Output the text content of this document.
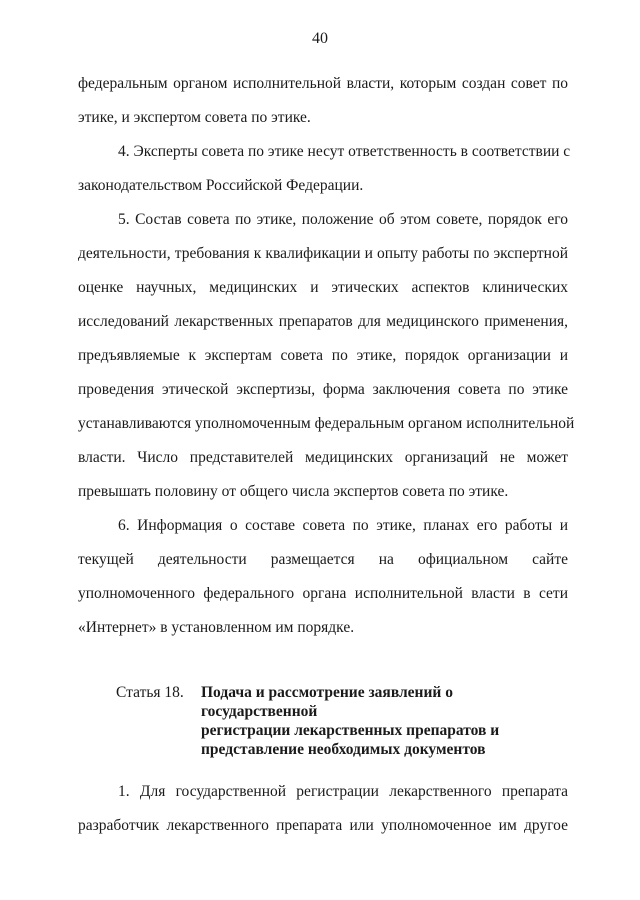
40
федеральным органом исполнительной власти, которым создан совет по
этике, и экспертом совета по этике.
4. Эксперты совета по этике несут ответственность в соответствии с
законодательством Российской Федерации.
5. Состав совета по этике, положение об этом совете, порядок его
деятельности, требования к квалификации и опыту работы по экспертной
оценке научных, медицинских и этических аспектов клинических
исследований лекарственных препаратов для медицинского применения,
предъявляемые к экспертам совета по этике, порядок организации и
проведения этической экспертизы, форма заключения совета по этике
устанавливаются уполномоченным федеральным органом исполнительной
власти. Число представителей медицинских организаций не может
превышать половину от общего числа экспертов совета по этике.
6. Информация о составе совета по этике, планах его работы и
текущей деятельности размещается на официальном сайте
уполномоченного федерального органа исполнительной власти в сети
«Интернет» в установленном им порядке.
Статья 18.	Подача и рассмотрение заявлений о государственной
регистрации лекарственных препаратов и
представление необходимых документов
1. Для государственной регистрации лекарственного препарата
разработчик лекарственного препарата или уполномоченное им другое
